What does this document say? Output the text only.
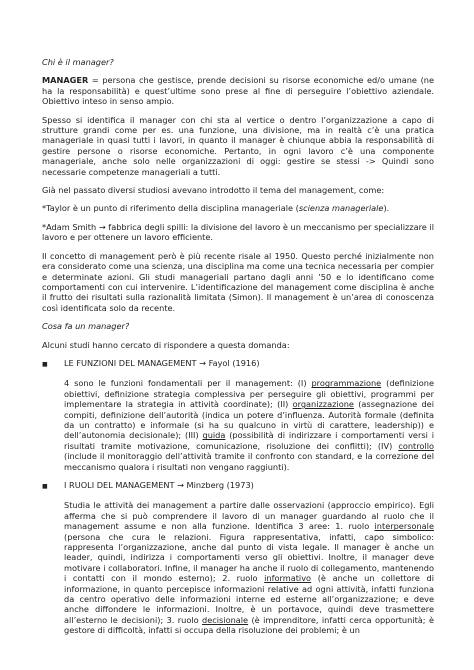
Chi è il manager?

MANAGER = persona che gestisce, prende decisioni su risorse economiche ed/o umane (ne ha la responsabilità) e quest’ultime sono prese al fine di perseguire l’obiettivo aziendale. Obiettivo inteso in senso ampio.

Spesso si identifica il manager con chi sta al vertice o dentro l’organizzazione a capo di strutture grandi come per es. una funzione, una divisione, ma in realtà c’è una pratica manageriale in quasi tutti i lavori, in quanto il manager è chiunque abbia la responsabilità di gestire persone o risorse economiche. Pertanto, in ogni lavoro c’è una componente manageriale, anche solo nelle organizzazioni di oggi: gestire se stessi -> Quindi sono necessarie competenze manageriali a tutti.

Già nel passato diversi studiosi avevano introdotto il tema del management, come:

*Taylor è un punto di riferimento della disciplina manageriale (scienza manageriale).

*Adam Smith → fabbrica degli spilli: la divisione del lavoro è un meccanismo per specializzare il lavoro e per ottenere un lavoro efficiente.

Il concetto di management però è più recente risale al 1950. Questo perché inizialmente non era considerato come una scienza, una disciplina ma come una tecnica necessaria per compier e determinate azioni. Gli studi manageriali partano dagli anni ’50 e lo identificano come comportamenti con cui intervenire. L’identificazione del management come disciplina è anche il frutto dei risultati sulla razionalità limitata (Simon). Il management è un’area di conoscenza così identificata solo da recente.

Cosa fa un manager?

Alcuni studi hanno cercato di rispondere a questa domanda:

■	LE FUNZIONI DEL MANAGEMENT → Fayol (1916)

4 sono le funzioni fondamentali per il management: (I) programmazione (definizione obiettivi, definizione strategia complessiva per perseguire gli obiettivi, programmi per implementare la strategia in attività coordinate); (II) organizzazione (assegnazione dei compiti, definizione dell’autorità (indica un potere d’influenza. Autorità formale (definita da un contratto) e informale (si ha su qualcuno in virtù di carattere, leadership)) e dell’autonomia decisionale); (III) guida (possibilità di indirizzare i comportamenti versi i risultati tramite motivazione, comunicazione, risoluzione dei conflitti); (IV) controllo (include il monitoraggio dell’attività tramite il confronto con standard, e la correzione del meccanismo qualora i risultati non vengano raggiunti).

■	I RUOLI DEL MANAGEMENT → Minzberg (1973)

Studia le attività dei management a partire dalle osservazioni (approccio empirico). Egli afferma che si può comprendere il lavoro di un manager guardando al ruolo che il management assume e non alla funzione. Identifica 3 aree: 1. ruolo interpersonale (persona che cura le relazioni. Figura rappresentativa, infatti, capo simbolico: rappresenta l’organizzazione, anche dal punto di vista legale. Il manager è anche un leader, quindi, indirizza i comportamenti verso gli obiettivi. Inoltre, il manager deve motivare i collaboratori. Infine, il manager ha anche il ruolo di collegamento, mantenendo i contatti con il mondo esterno); 2. ruolo informativo (è anche un collettore di informazione, in quanto percepisce informazioni relative ad ogni attività, infatti funziona da centro operativo delle informazioni interne ed esterne all’organizzazione; e deve anche diffondere le informazioni. Inoltre, è un portavoce, quindi deve trasmettere all’esterno le decisioni); 3. ruolo decisionale (è imprenditore, infatti cerca opportunità; è gestore di difficoltà, infatti si occupa della risoluzione dei problemi; è un
